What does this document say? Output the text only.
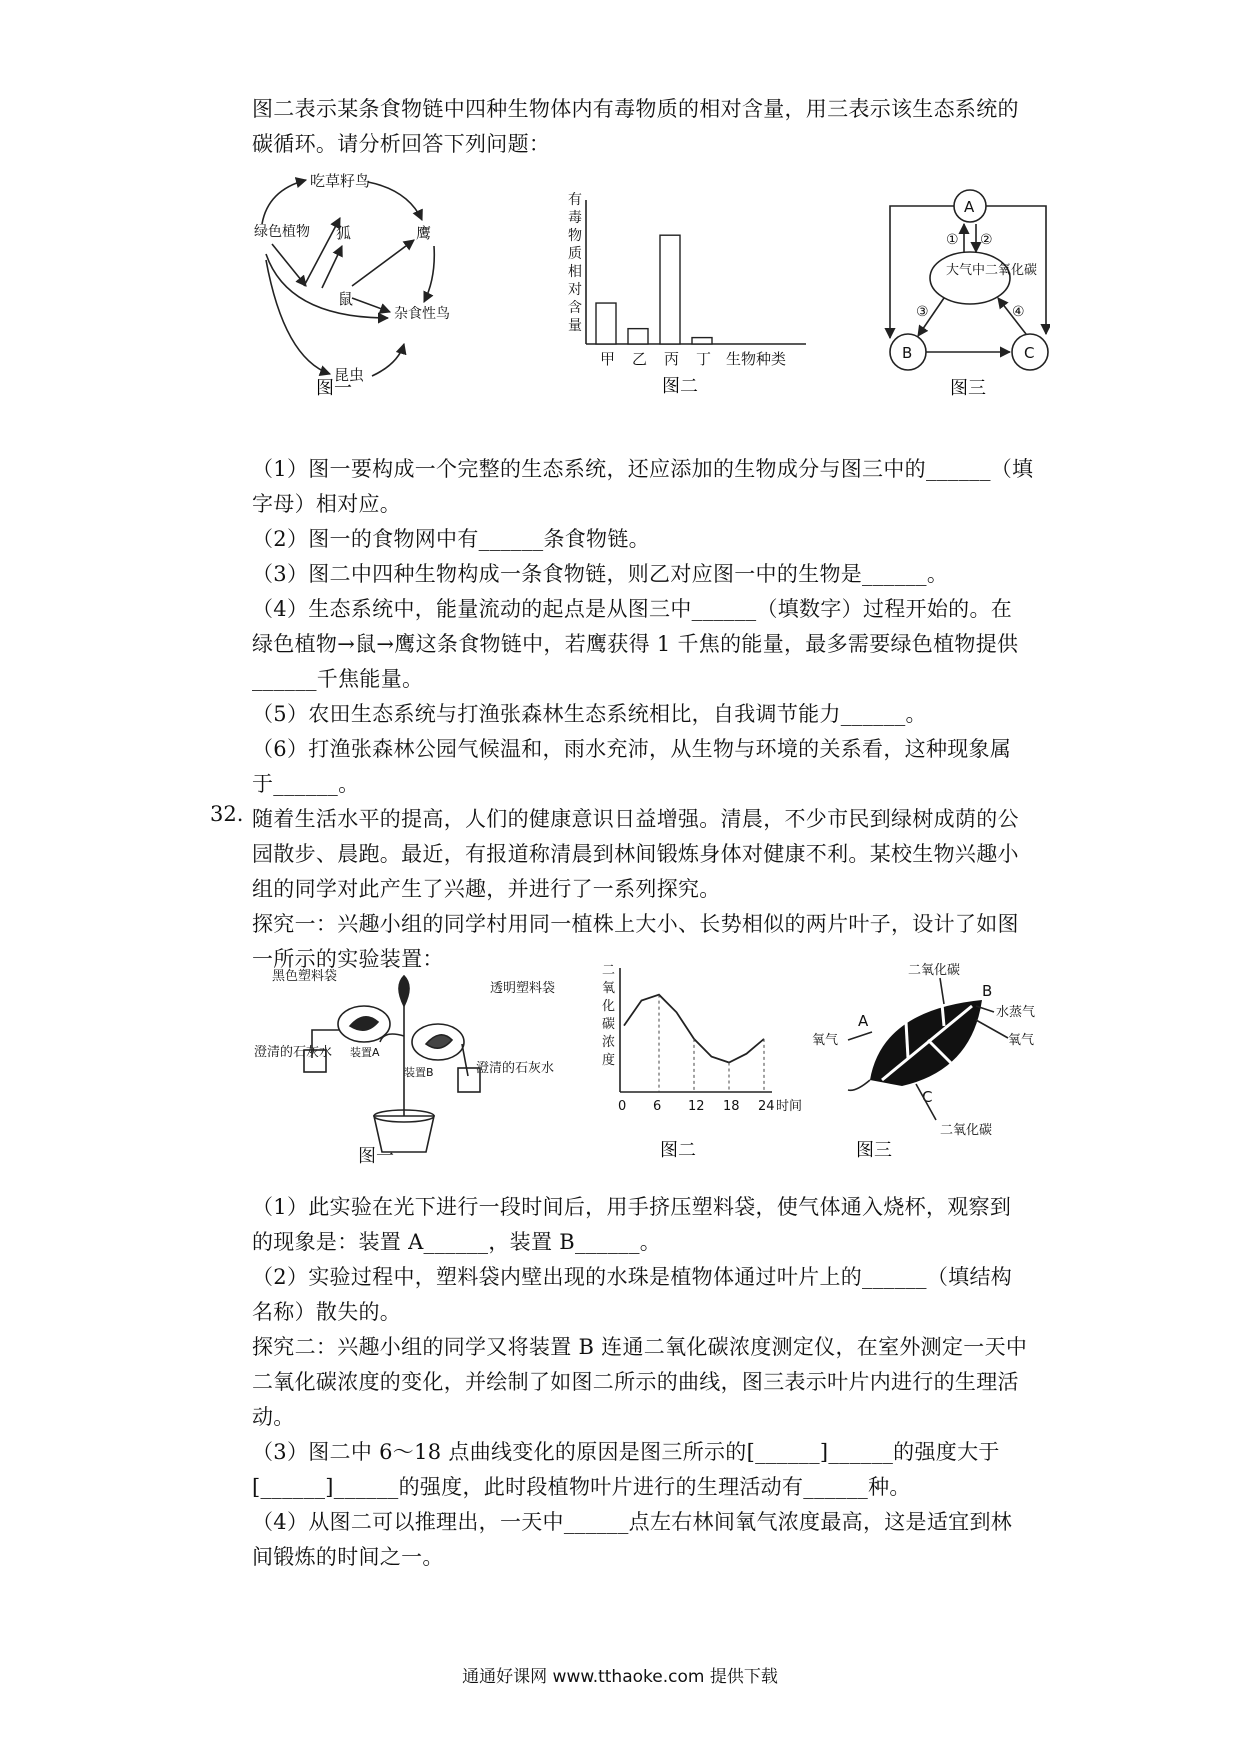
图二表示某条食物链中四种生物体内有毒物质的相对含量，用三表示该生态系统的
碳循环。请分析回答下列问题：
吃草籽鸟
狐	鹰
绿色植物
鼠
杂食性鸟
昆虫
图一
有毒物质相对含量
甲 乙 丙 丁 生物种类
图二
A
大气中二氧化碳
B	C
① ②
③	④
图三
（1）图一要构成一个完整的生态系统，还应添加的生物成分与图三中的______（填
字母）相对应。
（2）图一的食物网中有______条食物链。
（3）图二中四种生物构成一条食物链，则乙对应图一中的生物是______。
（4）生态系统中，能量流动的起点是从图三中______（填数字）过程开始的。在
绿色植物→鼠→鹰这条食物链中，若鹰获得 1 千焦的能量，最多需要绿色植物提供
______千焦能量。
（5）农田生态系统与打渔张森林生态系统相比，自我调节能力______。
（6）打渔张森林公园气候温和，雨水充沛，从生物与环境的关系看，这种现象属
于______。
32. 随着生活水平的提高，人们的健康意识日益增强。清晨，不少市民到绿树成荫的公
园散步、晨跑。最近，有报道称清晨到林间锻炼身体对健康不利。某校生物兴趣小
组的同学对此产生了兴趣，并进行了一系列探究。
探究一：兴趣小组的同学村用同一植株上大小、长势相似的两片叶子，设计了如图
一所示的实验装置：
黑色塑料袋
透明塑料袋
澄清的石灰水 装置A
装置B	澄清的石灰水
图一
二氧化碳浓度
0 6 12 18 24 时间
图二
二氧化碳
B
水蒸气
氧气
A
氧气
C
二氧化碳
图三
（1）此实验在光下进行一段时间后，用手挤压塑料袋，使气体通入烧杯，观察到
的现象是：装置 A______，装置 B______。
（2）实验过程中，塑料袋内壁出现的水珠是植物体通过叶片上的______（填结构
名称）散失的。
探究二：兴趣小组的同学又将装置 B 连通二氧化碳浓度测定仪，在室外测定一天中
二氧化碳浓度的变化，并绘制了如图二所示的曲线，图三表示叶片内进行的生理活
动。
（3）图二中 6～18 点曲线变化的原因是图三所示的[______]______的强度大于
[______]______的强度，此时段植物叶片进行的生理活动有______种。
（4）从图二可以推理出，一天中______点左右林间氧气浓度最高，这是适宜到林
间锻炼的时间之一。
通通好课网 www.tthaoke.com 提供下载
